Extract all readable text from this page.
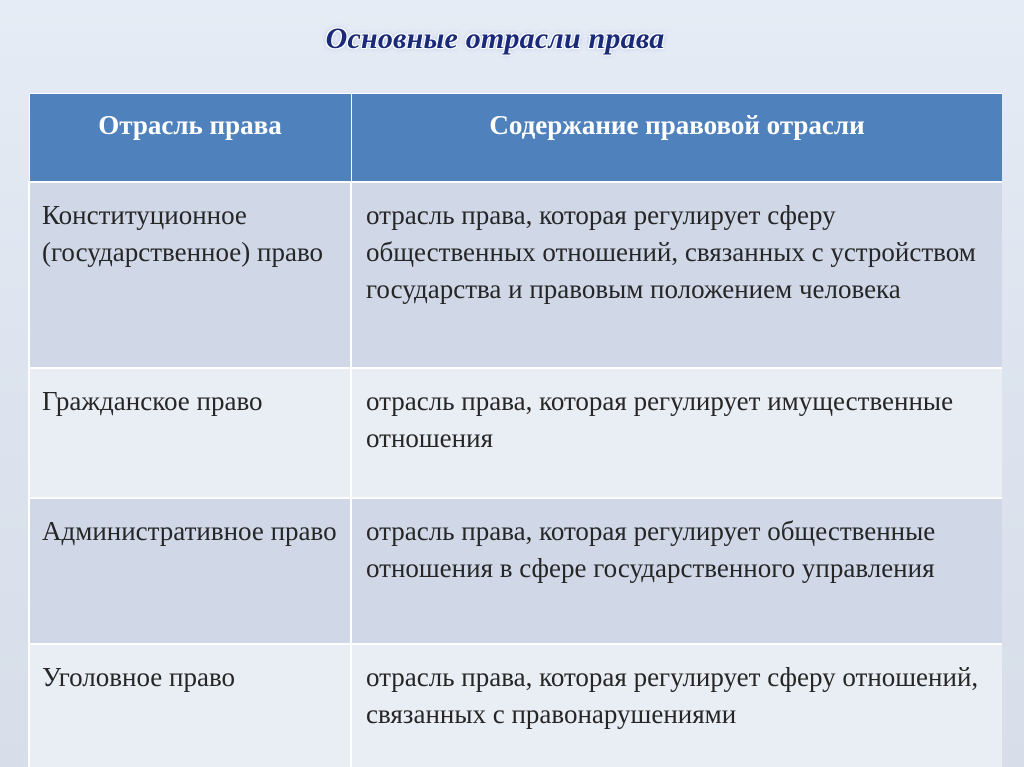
Основные отрасли права
Отрасль права	Содержание правовой отрасли
Конституционное (государственное) право	отрасль права, которая регулирует сферу общественных отношений, связанных с устройством государства и правовым положением человека
Гражданское право	отрасль права, которая регулирует имущественные отношения
Административное право	отрасль права, которая регулирует общественные отношения в сфере государственного управления
Уголовное право	отрасль права, которая регулирует сферу отношений, связанных с правонарушениями
